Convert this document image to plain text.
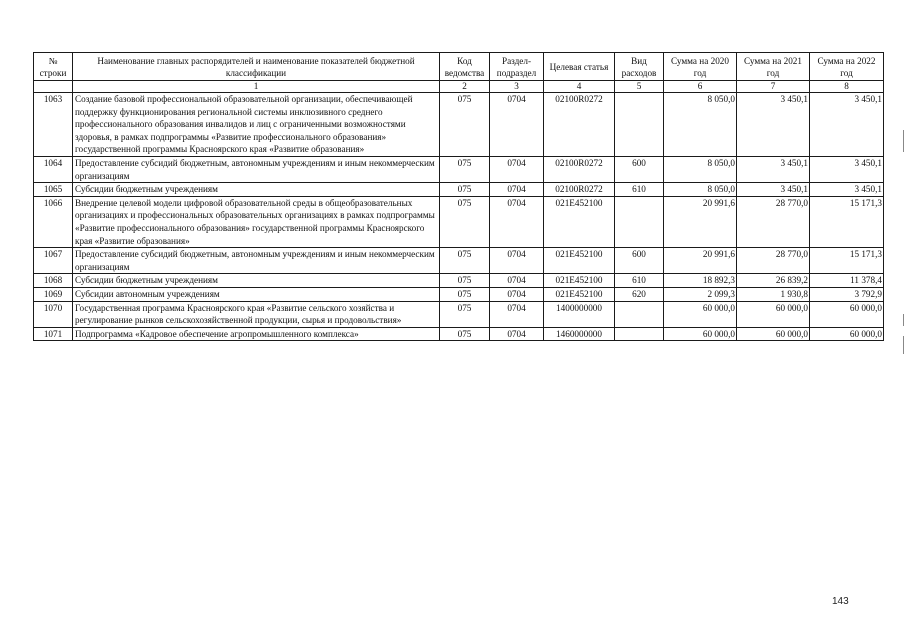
№ строки	Наименование главных распорядителей и наименование показателей бюджетной классификации	Код ведомства	Раздел-подраздел	Целевая статья	Вид расходов	Сумма на 2020 год	Сумма на 2021 год	Сумма на 2022 год
	1	2	3	4	5	6	7	8
1063	Создание базовой профессиональной образовательной организации, обеспечивающей поддержку функционирования региональной системы инклюзивного среднего профессионального образования инвалидов и лиц с ограниченными возможностями здоровья, в рамках подпрограммы «Развитие профессионального образования» государственной программы Красноярского края «Развитие образования»	075	0704	02100R0272		8 050,0	3 450,1	3 450,1
1064	Предоставление субсидий бюджетным, автономным учреждениям и иным некоммерческим организациям	075	0704	02100R0272	600	8 050,0	3 450,1	3 450,1
1065	Субсидии бюджетным учреждениям	075	0704	02100R0272	610	8 050,0	3 450,1	3 450,1
1066	Внедрение целевой модели цифровой образовательной среды в общеобразовательных организациях и профессиональных образовательных организациях в рамках подпрограммы «Развитие профессионального образования» государственной программы Красноярского края «Развитие образования»	075	0704	021E452100		20 991,6	28 770,0	15 171,3
1067	Предоставление субсидий бюджетным, автономным учреждениям и иным некоммерческим организациям	075	0704	021E452100	600	20 991,6	28 770,0	15 171,3
1068	Субсидии бюджетным учреждениям	075	0704	021E452100	610	18 892,3	26 839,2	11 378,4
1069	Субсидии автономным учреждениям	075	0704	021E452100	620	2 099,3	1 930,8	3 792,9
1070	Государственная программа Красноярского края «Развитие сельского хозяйства и регулирование рынков сельскохозяйственной продукции, сырья и продовольствия»	075	0704	1400000000		60 000,0	60 000,0	60 000,0
1071	Подпрограмма «Кадровое обеспечение агропромышленного комплекса»	075	0704	1460000000		60 000,0	60 000,0	60 000,0
143
